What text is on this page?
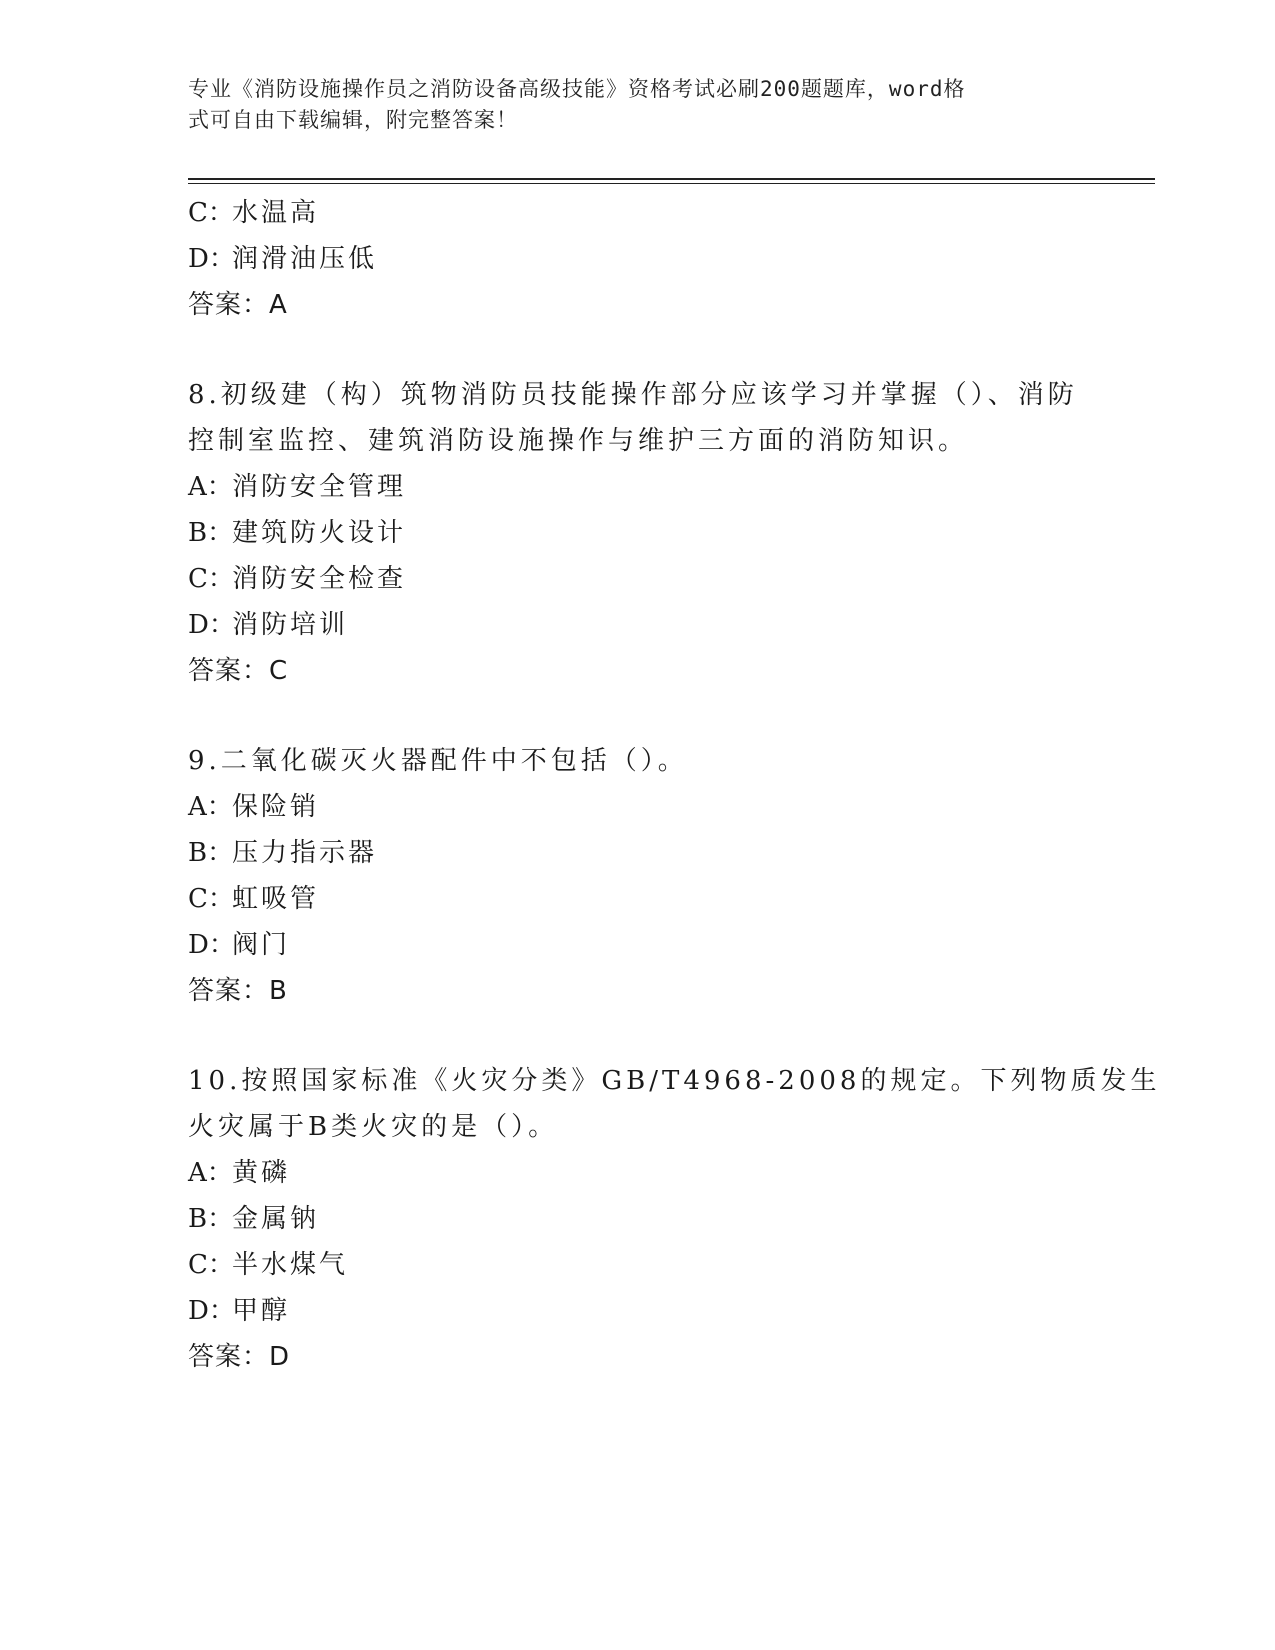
专业《消防设施操作员之消防设备高级技能》资格考试必刷200题题库，word格
式可自由下载编辑，附完整答案！
C：水温高
D：润滑油压低
答案：A
8.初级建（构）筑物消防员技能操作部分应该学习并掌握（）、消防
控制室监控、建筑消防设施操作与维护三方面的消防知识。
A：消防安全管理
B：建筑防火设计
C：消防安全检查
D：消防培训
答案：C
9.二氧化碳灭火器配件中不包括（）。
A：保险销
B：压力指示器
C：虹吸管
D：阀门
答案：B
10.按照国家标准《火灾分类》GB/T4968-2008的规定。下列物质发生
火灾属于B类火灾的是（）。
A：黄磷
B：金属钠
C：半水煤气
D：甲醇
答案：D
